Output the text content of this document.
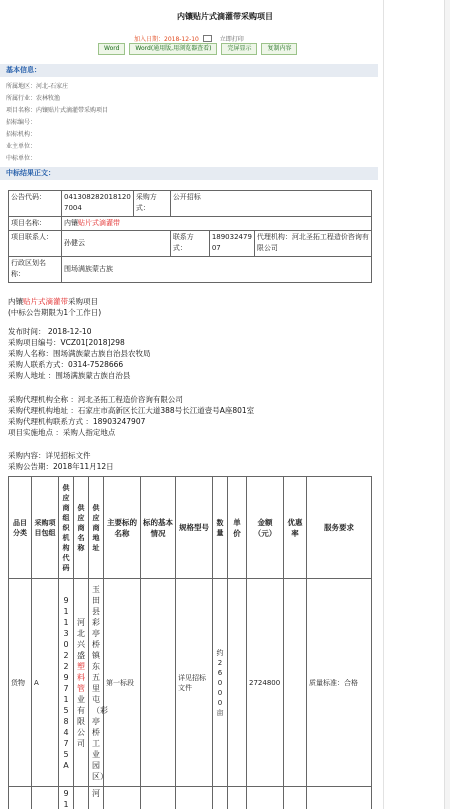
内镶贴片式滴灌带采购项目
加入日期：2018-12-10	立即打印
Word	Word(通用版,用浏览器查看)	完屏显示	复制内容
基本信息：
所属地区：河北-石家庄
所属行业：农林牧渔
项目名称：内镶贴片式滴灌带采购项目
招标编号：
招标机构：
业主单位：
中标单位：
中标结果正文：
公告代码：	041308282018120 7004	采购方式：	公开招标		
项目名称：	内镶贴片式滴灌带				
项目联系人：	孙健云		联系方式：	189032479 07	代理机构：河北圣拓工程造价咨询有限公司
行政区划名称：	围场满族蒙古族				
内镶贴片式滴灌带采购项目
(中标公告期限为1个工作日)
发布时间： 2018-12-10
采购项目编号：VCZ01[2018]298
采购人名称：围场满族蒙古族自治县农牧局
采购人联系方式：0314-7528666
采购人地址 ：围场满族蒙古族自治县
采购代理机构全称 ：河北圣拓工程造价咨询有限公司
采购代理机构地址 ：石家庄市高新区长江大道388号长江道壹号A座801室
采购代理机构联系方式 ：18903247907
项目实施地点 ：采购人指定地点
采购内容：详见招标文件
采购公告期：2018年11月12日
品目分类	采购项目包组	供应商组织机构代码	供应商名称	供应商地址	主要标的名称	标的基本情况	规格型号	数量	单价	金额（元）	优惠率	服务要求
货物	A	91130229715847 5A	河北兴盛塑料管业有限公司	玉田县彩亭桥镇东五里屯（彩亭桥工业园区）	第一标段		详见招标文件	约26000亩		2724800		质量标准：合格
		91		河								
